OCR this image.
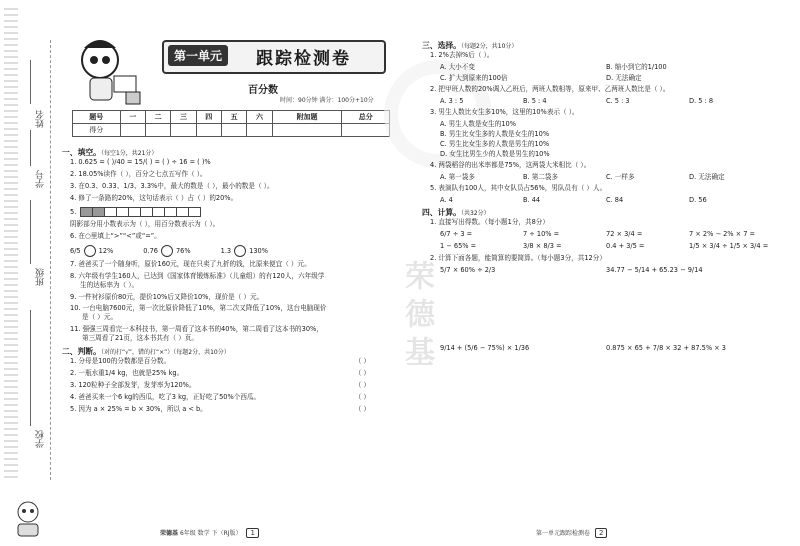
姓名
学号
班级
学校
第一单元	跟踪检测卷
百分数
时间：90分钟 满分：100分+10分
题号	一	二	三	四	五	六	附加题	总分
得分								
荣德基
一、填空。（每空1分，共21分）
1. 0.625 = ( )/40 = 15/( ) = ( ) ÷ 16 = ( )%
2. 18.05%读作（ ），百分之七点五写作（ ）。
3. 在0.3、0.33、1/3、3.3%中，最大的数是（ ），最小的数是（ ）。
4. 修了一条路的20%，这句话表示（ ）占（ ）的20%。
5.
阴影部分用小数表示为（ ），用百分数表示为（ ）。
6. 在○里填上“>”“<”或“=”。
6/5	12%	0.76	76%	1.3	130%
7. 爸爸买了一个随身听，原价160元，现在只卖了九折的钱，比原来便宜（ ）元。
8. 六年级有学生160人，已达到《国家体育锻炼标准》（儿童组）的有120人，六年级学
生的达标率为（ ）。
9. 一件衬衫原价80元，提价10%后又降价10%，现价是（ ）元。
10. 一台电脑7600元，第一次比原价降低了10%，第二次又降低了10%，这台电脑现价
是（ ）元。
11. 强强三周看完一本科技书，第一周看了这本书的40%，第二周看了这本书的30%，
第三周看了21页，这本书共有（ ）页。
二、判断。（对的打“√”，错的打“×”）（每题2分，共10分）
1. 分母是100的分数都是百分数。	（ ）
2. 一瓶水重1/4 kg，也就是25% kg。	（ ）
3. 120粒种子全部发芽，发芽率为120%。	（ ）
4. 爸爸买来一个6 kg的西瓜，吃了3 kg，正好吃了50%个西瓜。	（ ）
5. 因为 a × 25% = b × 30%，所以 a < b。	（ ）
三、选择。（每题2分，共10分）
1. 2%去掉%后（ ）。
A. 大小不变	B. 缩小到它的1/100
C. 扩大到原来的100倍	D. 无法确定
2. 把甲班人数的20%调入乙班后，两班人数相等，原来甲、乙两班人数比是（ ）。
A. 3 : 5	B. 5 : 4	C. 5 : 3	D. 5 : 8
3. 男生人数比女生多10%，这里的10%表示（ ）。
A. 男生人数是女生的10%
B. 男生比女生多的人数是女生的10%
C. 男生比女生多的人数是男生的10%
D. 女生比男生少的人数是男生的10%
4. 两袋稻谷的出米率都是75%，这两袋大米相比（ ）。
A. 第一袋多	B. 第二袋多	C. 一样多	D. 无法确定
5. 表演队有100人，其中女队员占56%，男队员有（ ）人。
A. 4	B. 44	C. 84	D. 56
四、计算。（共32分）
1. 直接写出得数。（每小题1分，共8分）
6/7 ÷ 3 =	7 ÷ 10% =	72 × 3/4 =	7 × 2% − 2% × 7 =
1 − 65% =	3/8 × 8/3 =	0.4 + 3/5 =	1/5 × 3/4 ÷ 1/5 × 3/4 =
2. 计算下面各题，能简算的要简算。（每小题3分，共12分）
5/7 × 60% ÷ 2/3	34.77 − 5/14 + 65.23 − 9/14
9/14 + (5/6 − 75%) × 1/36	0.875 × 65 + 7/8 × 32 + 87.5% × 3
荣德基 6年级 数学 下（RJ版） 1	第一单元跟踪检测卷 2
